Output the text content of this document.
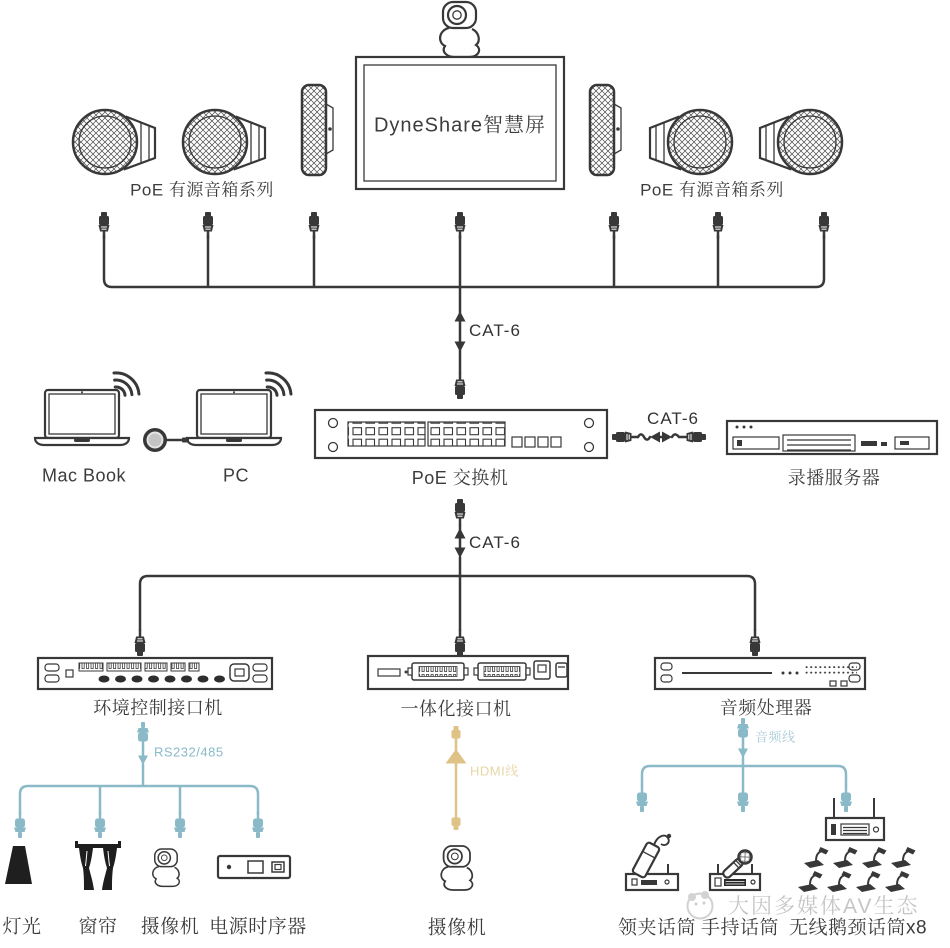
DyneShare智慧屏
PoE 有源音箱系列	PoE 有源音箱系列
CAT-6
CAT-6
CAT-6
Mac Book	PC	PoE 交换机	录播服务器
环境控制接口机	一体化接口机	音频处理器
RS232/485
HDMI线
音频线
灯光 窗帘 摄像机 电源时序器	摄像机	领夹话筒 手持话筒 无线鹅颈话筒x8
大因多媒体AV生态
